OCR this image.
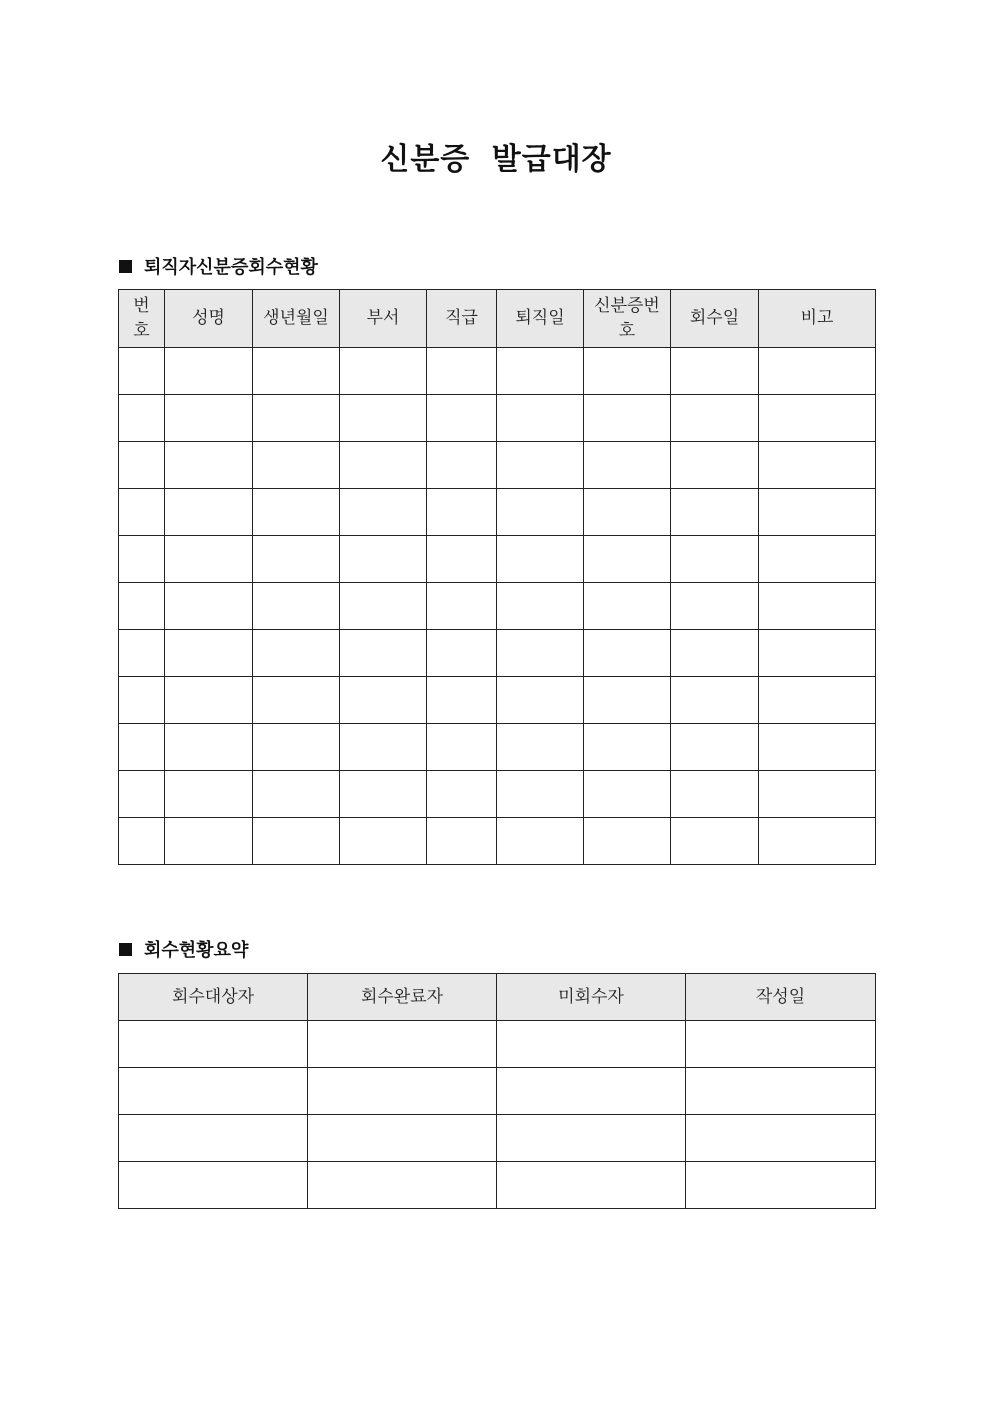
신분증 발급대장
퇴직자신분증회수현황
번호	성명	생년월일	부서	직급	퇴직일	신분증번호	회수일	비고

회수현황요약
회수대상자	회수완료자	미회수자	작성일
